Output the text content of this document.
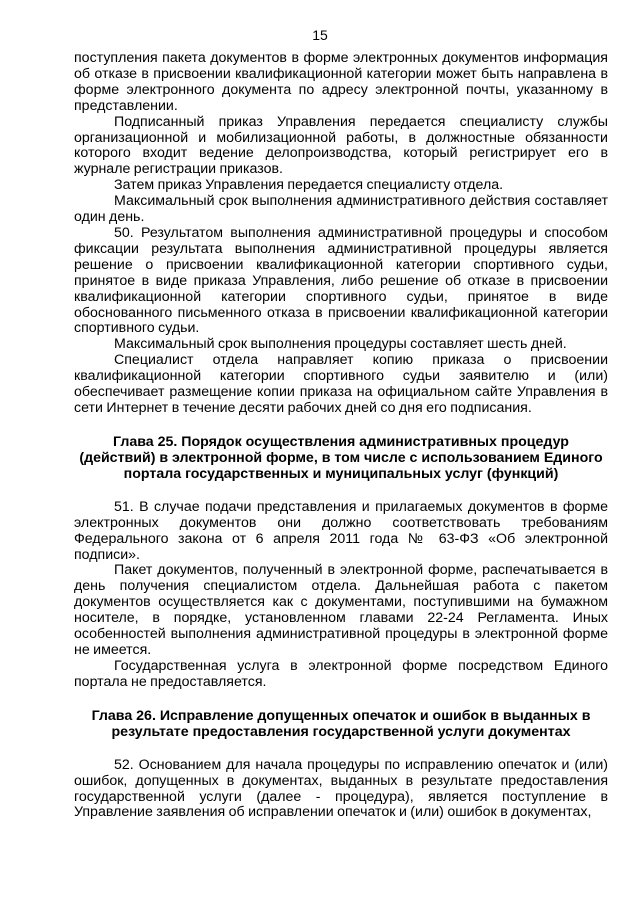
15

поступления пакета документов в форме электронных документов информация об отказе в присвоении квалификационной категории может быть направлена в форме электронного документа по адресу электронной почты, указанному в представлении.

Подписанный приказ Управления передается специалисту службы организационной и мобилизационной работы, в должностные обязанности которого входит ведение делопроизводства, который регистрирует его в журнале регистрации приказов.

Затем приказ Управления передается специалисту отдела.

Максимальный срок выполнения административного действия составляет один день.

50. Результатом выполнения административной процедуры и способом фиксации результата выполнения административной процедуры является решение о присвоении квалификационной категории спортивного судьи, принятое в виде приказа Управления, либо решение об отказе в присвоении квалификационной категории спортивного судьи, принятое в виде обоснованного письменного отказа в присвоении квалификационной категории спортивного судьи.

Максимальный срок выполнения процедуры составляет шесть дней.

Специалист отдела направляет копию приказа о присвоении квалификационной категории спортивного судьи заявителю и (или) обеспечивает размещение копии приказа на официальном сайте Управления в сети Интернет в течение десяти рабочих дней со дня его подписания.

Глава 25. Порядок осуществления административных процедур (действий) в электронной форме, в том числе с использованием Единого портала государственных и муниципальных услуг (функций)

51. В случае подачи представления и прилагаемых документов в форме электронных документов они должно соответствовать требованиям Федерального закона от 6 апреля 2011 года № 63-ФЗ «Об электронной подписи».

Пакет документов, полученный в электронной форме, распечатывается в день получения специалистом отдела. Дальнейшая работа с пакетом документов осуществляется как с документами, поступившими на бумажном носителе, в порядке, установленном главами 22-24 Регламента. Иных особенностей выполнения административной процедуры в электронной форме не имеется.

Государственная услуга в электронной форме посредством Единого портала не предоставляется.

Глава 26. Исправление допущенных опечаток и ошибок в выданных в результате предоставления государственной услуги документах

52. Основанием для начала процедуры по исправлению опечаток и (или) ошибок, допущенных в документах, выданных в результате предоставления государственной услуги (далее - процедура), является поступление в Управление заявления об исправлении опечаток и (или) ошибок в документах,
